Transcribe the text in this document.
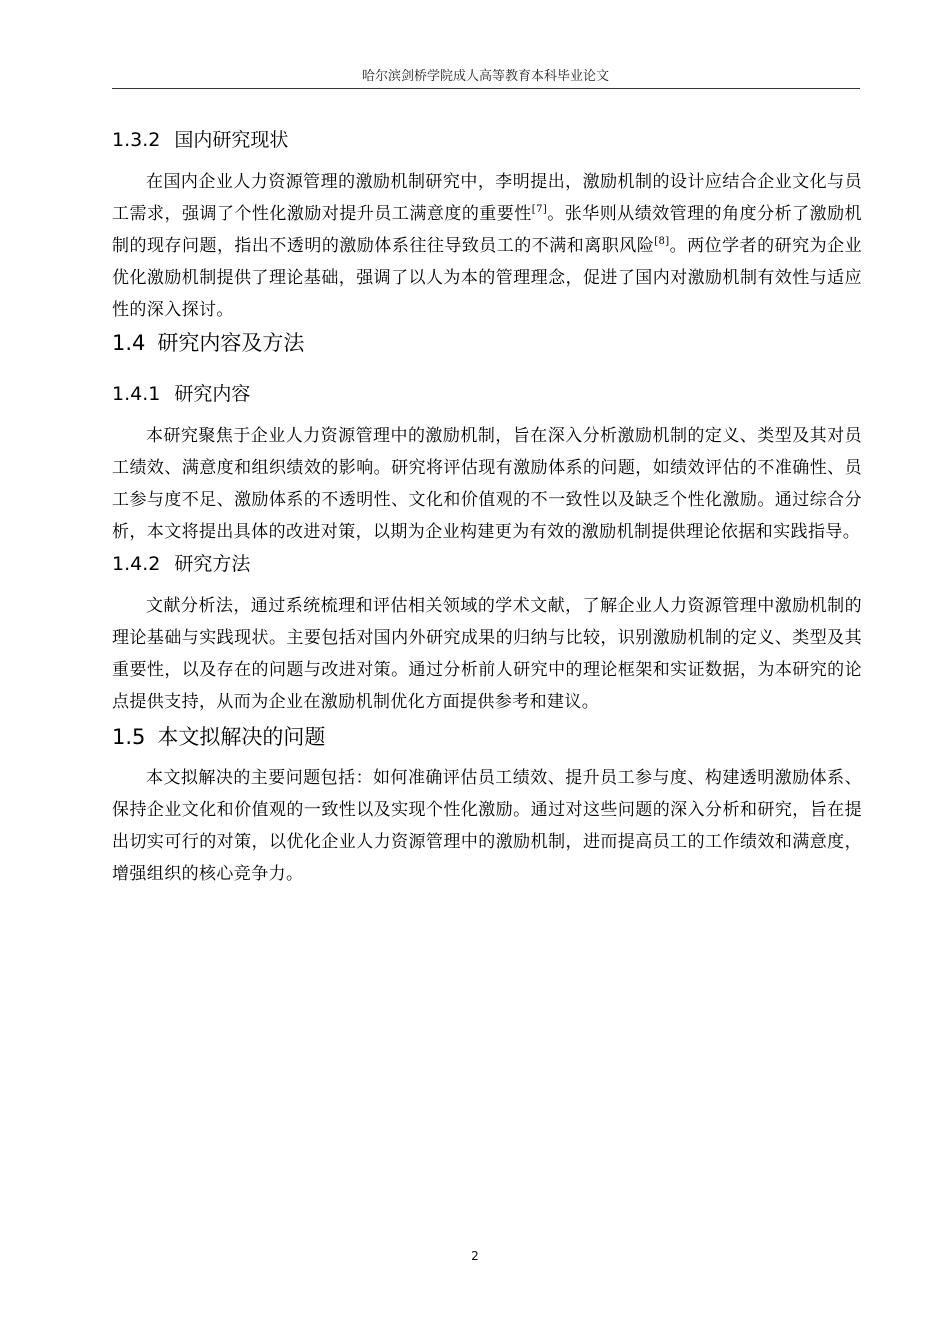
哈尔滨剑桥学院成人高等教育本科毕业论文
1.3.2 国内研究现状

在国内企业人力资源管理的激励机制研究中，李明提出，激励机制的设计应结合企业文化与员工需求，强调了个性化激励对提升员工满意度的重要性[7]。张华则从绩效管理的角度分析了激励机制的现存问题，指出不透明的激励体系往往导致员工的不满和离职风险[8]。两位学者的研究为企业优化激励机制提供了理论基础，强调了以人为本的管理理念，促进了国内对激励机制有效性与适应性的深入探讨。

1.4 研究内容及方法
1.4.1 研究内容

本研究聚焦于企业人力资源管理中的激励机制，旨在深入分析激励机制的定义、类型及其对员工绩效、满意度和组织绩效的影响。研究将评估现有激励体系的问题，如绩效评估的不准确性、员工参与度不足、激励体系的不透明性、文化和价值观的不一致性以及缺乏个性化激励。通过综合分析，本文将提出具体的改进对策，以期为企业构建更为有效的激励机制提供理论依据和实践指导。

1.4.2 研究方法

文献分析法，通过系统梳理和评估相关领域的学术文献，了解企业人力资源管理中激励机制的理论基础与实践现状。主要包括对国内外研究成果的归纳与比较，识别激励机制的定义、类型及其重要性，以及存在的问题与改进对策。通过分析前人研究中的理论框架和实证数据，为本研究的论点提供支持，从而为企业在激励机制优化方面提供参考和建议。

1.5 本文拟解决的问题

本文拟解决的主要问题包括：如何准确评估员工绩效、提升员工参与度、构建透明激励体系、保持企业文化和价值观的一致性以及实现个性化激励。通过对这些问题的深入分析和研究，旨在提出切实可行的对策，以优化企业人力资源管理中的激励机制，进而提高员工的工作绩效和满意度，增强组织的核心竞争力。

2
